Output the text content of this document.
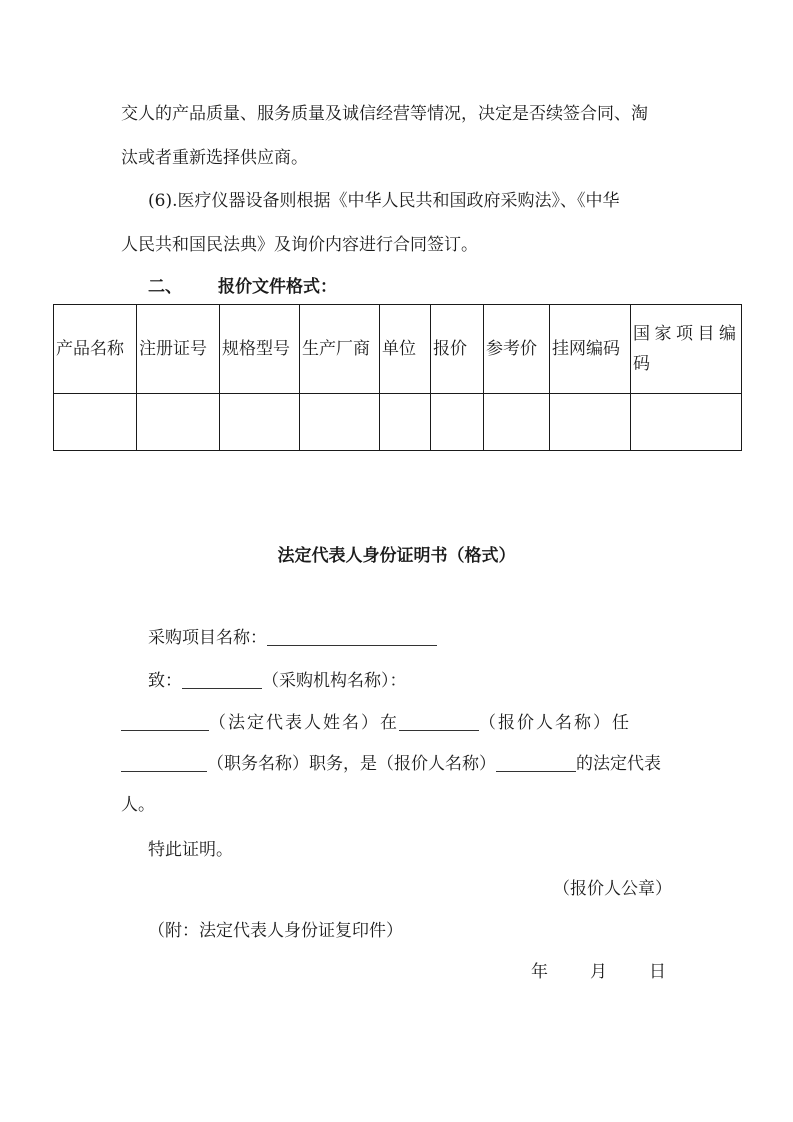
交人的产品质量、服务质量及诚信经营等情况，决定是否续签合同、淘
汰或者重新选择供应商。
(6).医疗仪器设备则根据《中华人民共和国政府采购法》、《中华
人民共和国民法典》及询价内容进行合同签订。
二、 报价文件格式：
产品名称	注册证号	规格型号	生产厂商	单位	报价	参考价	挂网编码	国家项目编码

法定代表人身份证明书（格式）
采购项目名称：
致：	（采购机构名称）：
（法定代表人姓名）在	（报价人名称）任
（职务名称）职务，是（报价人名称）	的法定代表
人。
特此证明。
（报价人公章）
（附：法定代表人身份证复印件）
年 月 日
